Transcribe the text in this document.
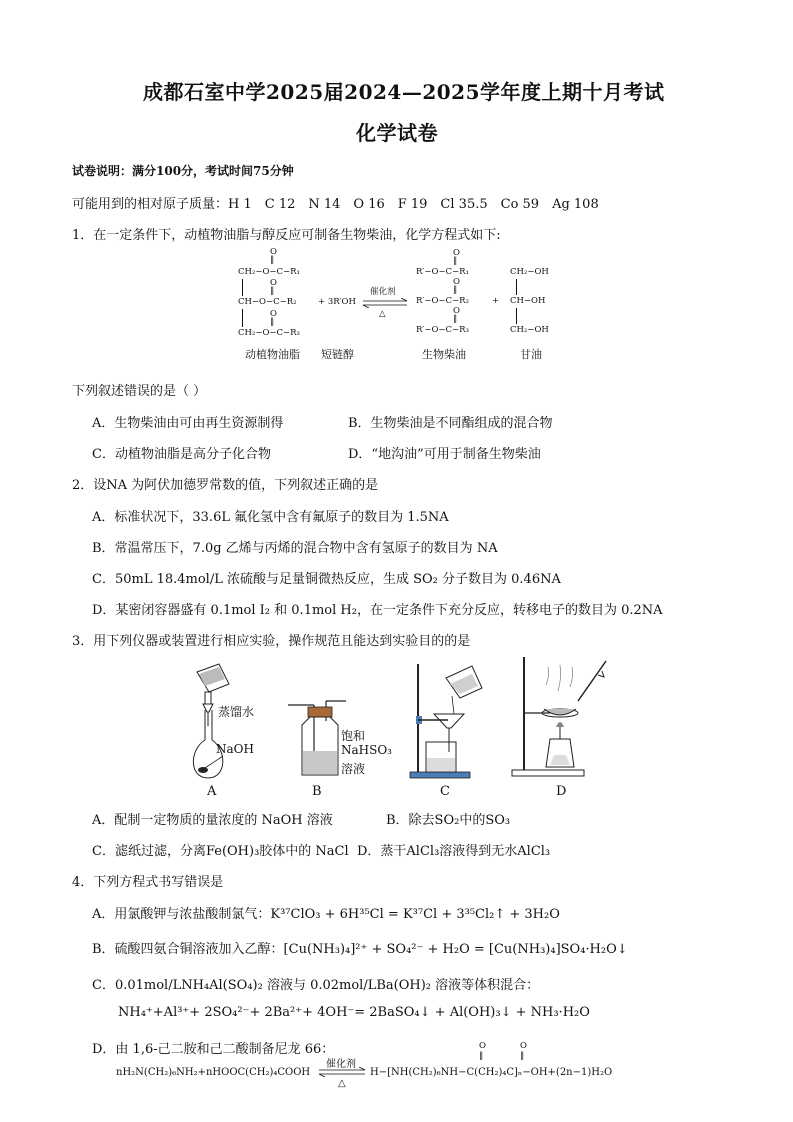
成都石室中学2025届2024—2025学年度上期十月考试
化学试卷
试卷说明：满分100分，考试时间75分钟
可能用到的相对原子质量：H 1　C 12　N 14　O 16　F 19　Cl 35.5　Co 59　Ag 108
1．在一定条件下，动植物油脂与醇反应可制备生物柴油，化学方程式如下:
O
‖
CH₂−O−C−R₁
O
‖
CH−O−C−R₂
O
‖
CH₂−O−C−R₃
+ 3R′OH
催化剂
△
O
‖
R′−O−C−R₁
O
‖
R′−O−C−R₂
O
‖
R′−O−C−R₃
+
CH₂−OH
CH−OH
CH₂−OH
动植物油脂 短链醇	生物柴油	甘油
下列叙述错误的是（ ）
A．生物柴油由可由再生资源制得	B．生物柴油是不同酯组成的混合物
C．动植物油脂是高分子化合物	D．“地沟油”可用于制备生物柴油
2．设NA 为阿伏加德罗常数的值，下列叙述正确的是
A．标准状况下，33.6L 氟化氢中含有氟原子的数目为 1.5NA
B．常温常压下，7.0g 乙烯与丙烯的混合物中含有氢原子的数目为 NA
C．50mL 18.4mol/L 浓硫酸与足量铜微热反应，生成 SO₂ 分子数目为 0.46NA
D．某密闭容器盛有 0.1mol I₂ 和 0.1mol H₂，在一定条件下充分反应，转移电子的数目为 0.2NA
3．用下列仪器或装置进行相应实验，操作规范且能达到实验目的的是
蒸馏水
NaOH
饱和
NaHSO₃
溶液
A	B	C	D
A．配制一定物质的量浓度的 NaOH 溶液	B．除去SO₂中的SO₃
C．滤纸过滤，分离Fe(OH)₃胶体中的 NaCl D．蒸干AlCl₃溶液得到无水AlCl₃
4．下列方程式书写错误是
A．用氯酸钾与浓盐酸制氯气：K³⁷ClO₃ + 6H³⁵Cl = K³⁷Cl + 3³⁵Cl₂↑ + 3H₂O
B．硫酸四氨合铜溶液加入乙醇：[Cu(NH₃)₄]²⁺ + SO₄²⁻ + H₂O = [Cu(NH₃)₄]SO₄·H₂O↓
C．0.01mol/LNH₄Al(SO₄)₂ 溶液与 0.02mol/LBa(OH)₂ 溶液等体积混合：
NH₄⁺+Al³⁺+ 2SO₄²⁻+ 2Ba²⁺+ 4OH⁻= 2BaSO₄↓ + Al(OH)₃↓ + NH₃·H₂O
D．由 1,6-己二胺和己二酸制备尼龙 66：
nH₂N(CH₂)₆NH₂+nHOOC(CH₂)₄COOH
催化剂
△
H−[NH(CH₂)₆NH−C(CH₂)₄C]ₙ−OH+(2n−1)H₂O
O
‖
O
‖
